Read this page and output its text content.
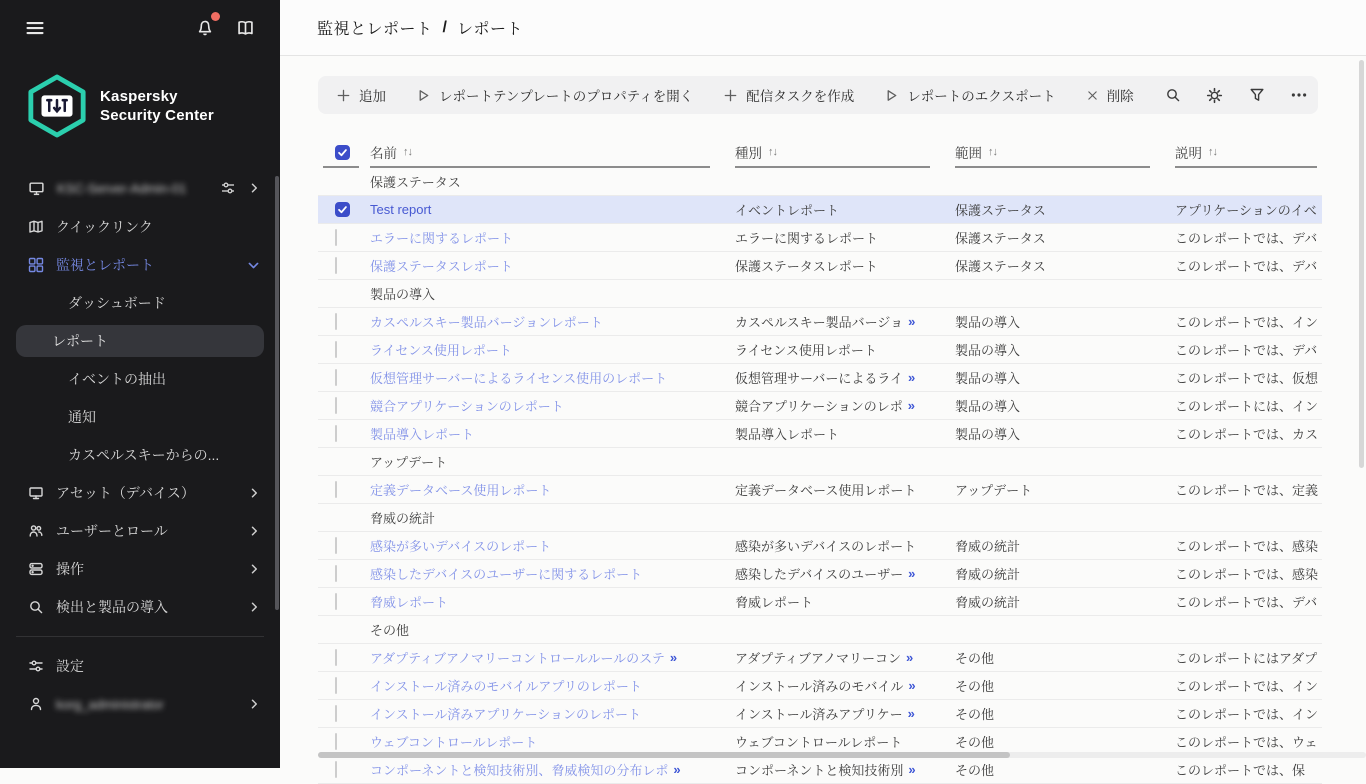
Kaspersky
Security Center
KSC-Server-Admin-01
クイックリンク
監視とレポート
ダッシュボード
レポート
イベントの抽出
通知
カスペルスキーからの...
アセット（デバイス）
ユーザーとロール
操作
検出と製品の導入
設定
korg_administrator
監視とレポート / レポート
追加	レポートテンプレートのプロパティを開く	配信タスクを作成	レポートのエクスポート	削除
名前 ↑↓	種別 ↑↓	範囲 ↑↓	説明 ↑↓
保護ステータス
Test report	イベントレポート	保護ステータス	アプリケーションのイベ
エラーに関するレポート	エラーに関するレポート	保護ステータス	このレポートでは、デバ
保護ステータスレポート	保護ステータスレポート	保護ステータス	このレポートでは、デバ
製品の導入
カスペルスキー製品バージョンレポート	カスペルスキー製品バージョ »	製品の導入	このレポートでは、イン
ライセンス使用レポート	ライセンス使用レポート	製品の導入	このレポートでは、デバ
仮想管理サーバーによるライセンス使用のレポート	仮想管理サーバーによるライ »	製品の導入	このレポートでは、仮想
競合アプリケーションのレポート	競合アプリケーションのレポ »	製品の導入	このレポートには、イン
製品導入レポート	製品導入レポート	製品の導入	このレポートでは、カス
アップデート
定義データベース使用レポート	定義データベース使用レポート	アップデート	このレポートでは、定義
脅威の統計
感染が多いデバイスのレポート	感染が多いデバイスのレポート	脅威の統計	このレポートでは、感染
感染したデバイスのユーザーに関するレポート	感染したデバイスのユーザー »	脅威の統計	このレポートでは、感染
脅威レポート	脅威レポート	脅威の統計	このレポートでは、デバ
その他
アダプティブアノマリーコントロールルールのステ »	アダプティブアノマリーコン »	その他	このレポートにはアダプ
インストール済みのモバイルアプリのレポート	インストール済みのモバイル »	その他	このレポートでは、イン
インストール済みアプリケーションのレポート	インストール済みアプリケー »	その他	このレポートでは、イン
ウェブコントロールレポート	ウェブコントロールレポート	その他	このレポートでは、ウェ
コンポーネントと検知技術別、脅威検知の分布レポ »	コンポーネントと検知技術別 »	その他	このレポートでは、保
